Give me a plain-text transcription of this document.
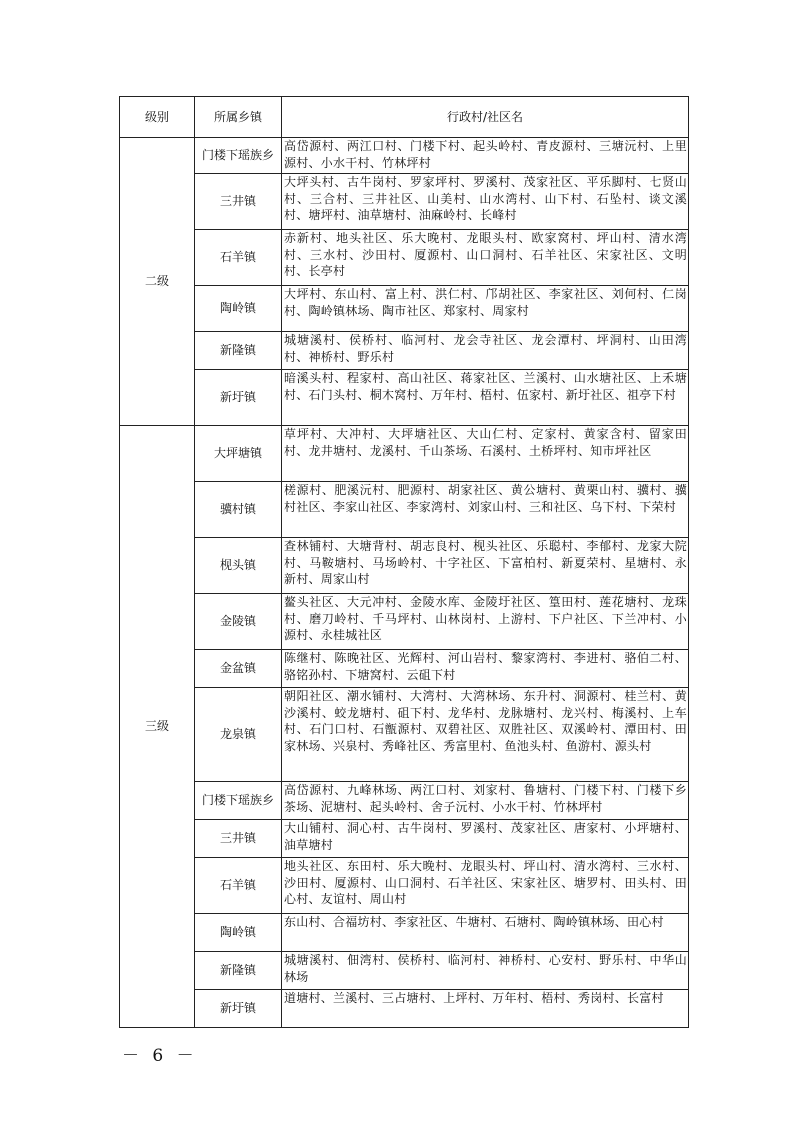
级别	所属乡镇	行政村/社区名
二级	门楼下瑶族乡	高岱源村、两江口村、门楼下村、起头岭村、青皮源村、三塘沅村、上里源村、小水干村、竹林坪村
	三井镇	大坪头村、古牛岗村、罗家坪村、罗溪村、茂家社区、平乐脚村、七贤山村、三合村、三井社区、山美村、山水湾村、山下村、石坠村、谈文溪村、塘坪村、油草塘村、油麻岭村、长峰村
	石羊镇	赤新村、地头社区、乐大晚村、龙眼头村、欧家窝村、坪山村、清水湾村、三水村、沙田村、厦源村、山口洞村、石羊社区、宋家社区、文明村、长亭村
	陶岭镇	大坪村、东山村、富上村、洪仁村、邝胡社区、李家社区、刘何村、仁岗村、陶岭镇林场、陶市社区、郑家村、周家村
	新隆镇	城塘溪村、侯桥村、临河村、龙会寺社区、龙会潭村、坪洞村、山田湾村、神桥村、野乐村
	新圩镇	暗溪头村、程家村、高山社区、蒋家社区、兰溪村、山水塘社区、上禾塘村、石门头村、桐木窝村、万年村、梧村、伍家村、新圩社区、祖亭下村
三级	大坪塘镇	草坪村、大冲村、大坪塘社区、大山仁村、定家村、黄家含村、留家田村、龙井塘村、龙溪村、千山茶场、石溪村、土桥坪村、知市坪社区
	骥村镇	槎源村、肥溪沅村、肥源村、胡家社区、黄公塘村、黄栗山村、骥村、骥村社区、李家山社区、李家湾村、刘家山村、三和社区、乌下村、下荣村
	枧头镇	查林铺村、大塘背村、胡志良村、枧头社区、乐聪村、李郁村、龙家大院村、马鞍塘村、马场岭村、十字社区、下富柏村、新夏荣村、星塘村、永新村、周家山村
	金陵镇	鳌头社区、大元冲村、金陵水库、金陵圩社区、篁田村、莲花塘村、龙珠村、磨刀岭村、千马坪村、山林岗村、上游村、下户社区、下兰冲村、小源村、永桂城社区
	金盆镇	陈继村、陈晚社区、光辉村、河山岩村、黎家湾村、李进村、骆伯二村、骆铭孙村、下塘窝村、云砠下村
	龙泉镇	朝阳社区、潮水铺村、大湾村、大湾林场、东升村、洞源村、桂兰村、黄沙溪村、蛟龙塘村、砠下村、龙华村、龙脉塘村、龙兴村、梅溪村、上车村、石门口村、石甑源村、双碧社区、双胜社区、双溪岭村、潭田村、田家林场、兴泉村、秀峰社区、秀富里村、鱼池头村、鱼游村、源头村
	门楼下瑶族乡	高岱源村、九峰林场、两江口村、刘家村、鲁塘村、门楼下村、门楼下乡茶场、泥塘村、起头岭村、舍子沅村、小水干村、竹林坪村
	三井镇	大山铺村、洞心村、古牛岗村、罗溪村、茂家社区、唐家村、小坪塘村、油草塘村
	石羊镇	地头社区、东田村、乐大晚村、龙眼头村、坪山村、清水湾村、三水村、沙田村、厦源村、山口洞村、石羊社区、宋家社区、塘罗村、田头村、田心村、友谊村、周山村
	陶岭镇	东山村、合福坊村、李家社区、牛塘村、石塘村、陶岭镇林场、田心村
	新隆镇	城塘溪村、佃湾村、侯桥村、临河村、神桥村、心安村、野乐村、中华山林场
	新圩镇	道塘村、兰溪村、三占塘村、上坪村、万年村、梧村、秀岗村、长富村
－ 6 －
